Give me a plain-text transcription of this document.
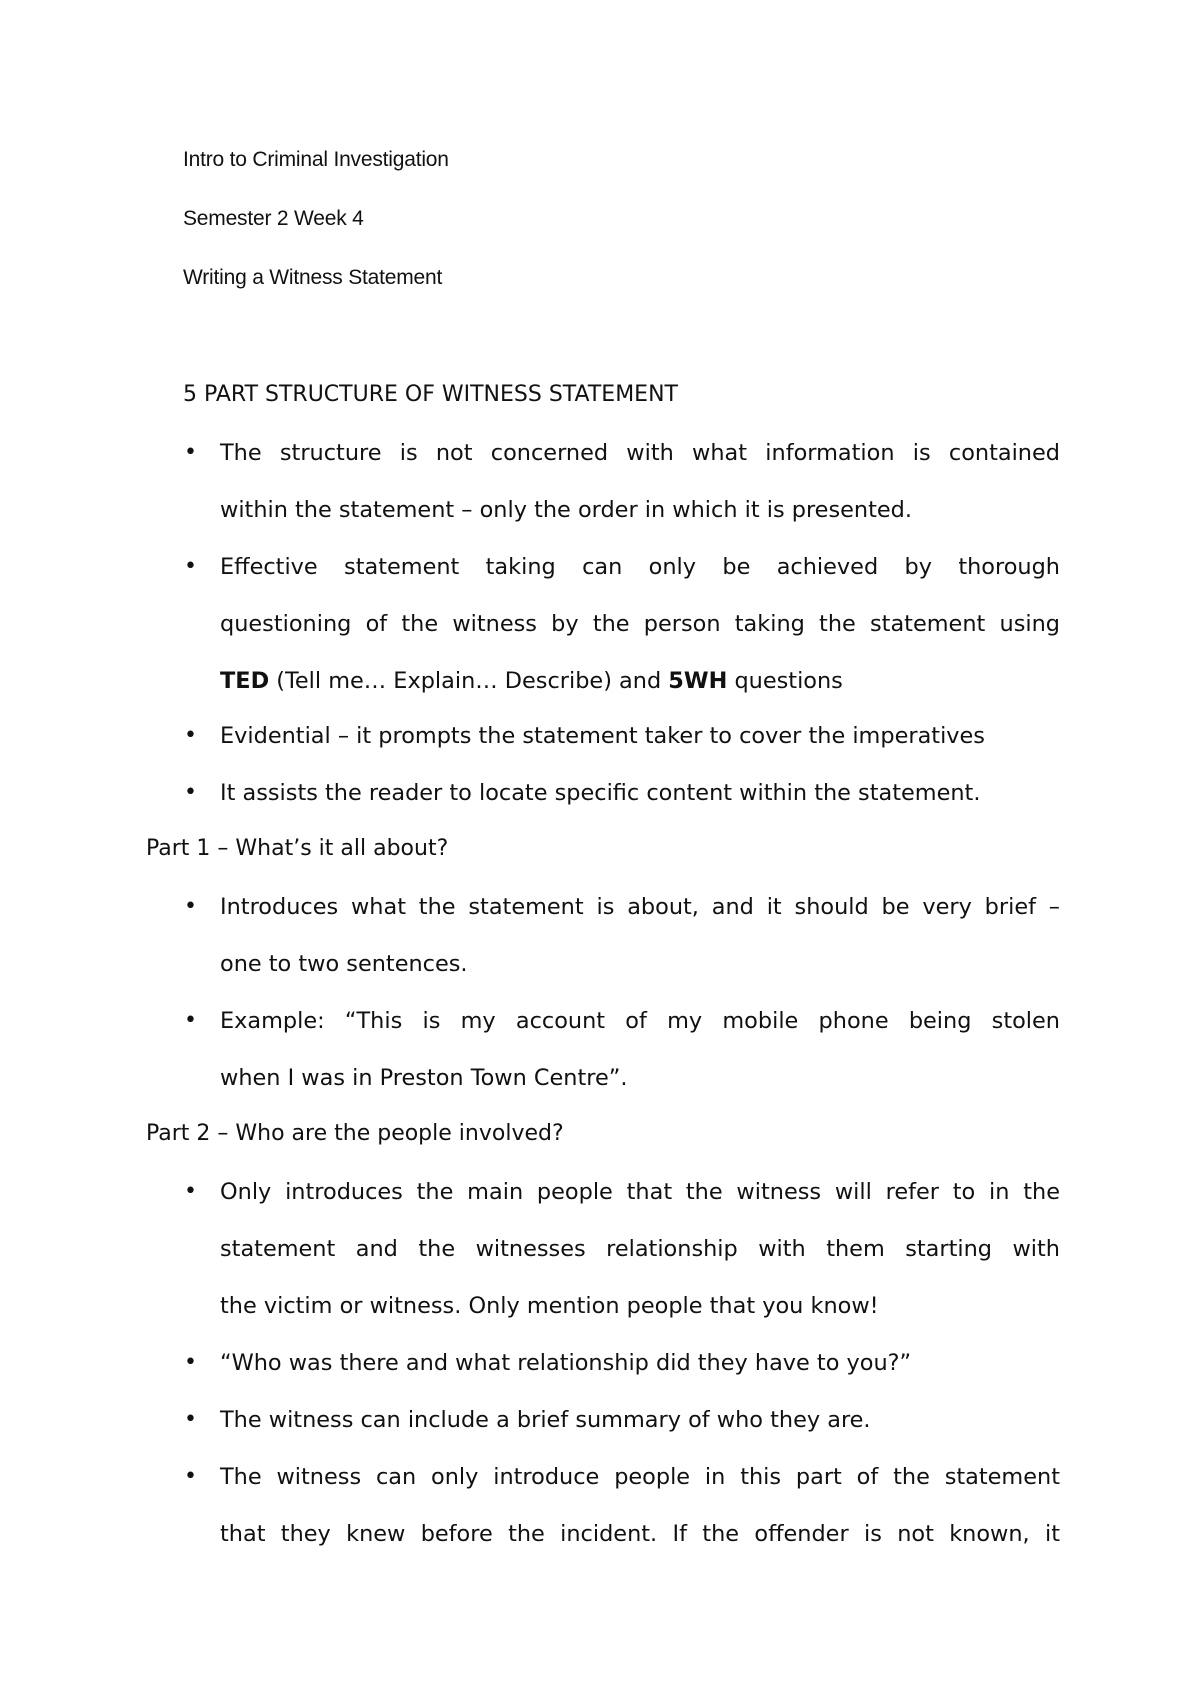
Intro to Criminal Investigation
Semester 2 Week 4
Writing a Witness Statement
5 PART STRUCTURE OF WITNESS STATEMENT
• The structure is not concerned with what information is contained
within the statement – only the order in which it is presented.
• Effective statement taking can only be achieved by thorough
questioning of the witness by the person taking the statement using
TED (Tell me… Explain… Describe) and 5WH questions
• Evidential – it prompts the statement taker to cover the imperatives
• It assists the reader to locate specific content within the statement.
Part 1 – What’s it all about?
• Introduces what the statement is about, and it should be very brief –
one to two sentences.
• Example: “This is my account of my mobile phone being stolen
when I was in Preston Town Centre”.
Part 2 – Who are the people involved?
• Only introduces the main people that the witness will refer to in the
statement and the witnesses relationship with them starting with
the victim or witness. Only mention people that you know!
• “Who was there and what relationship did they have to you?”
• The witness can include a brief summary of who they are.
• The witness can only introduce people in this part of the statement
that they knew before the incident. If the offender is not known, it
